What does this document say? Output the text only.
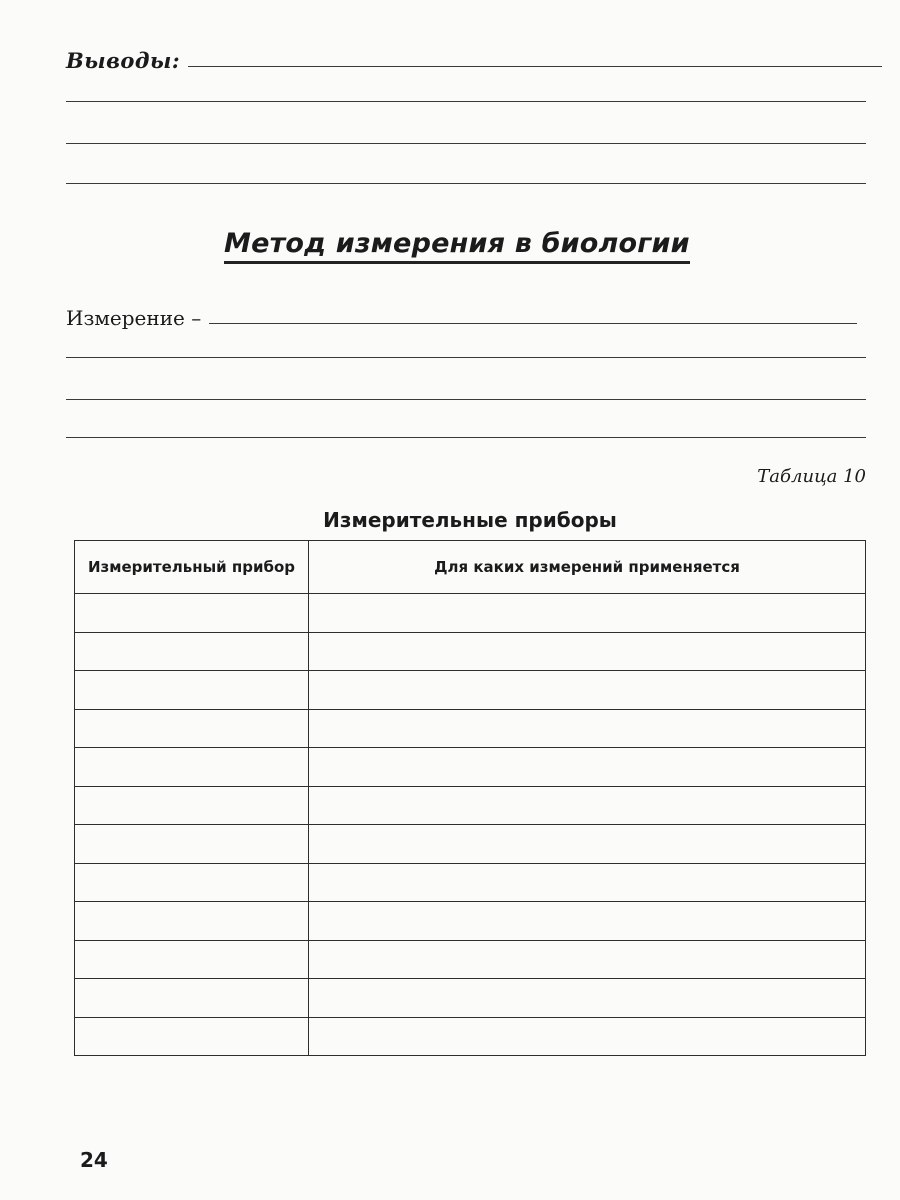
Выводы:
Метод измерения в биологии
Измерение –
Таблица 10
Измерительные приборы
Измерительный прибор	Для каких измерений применяется

24
